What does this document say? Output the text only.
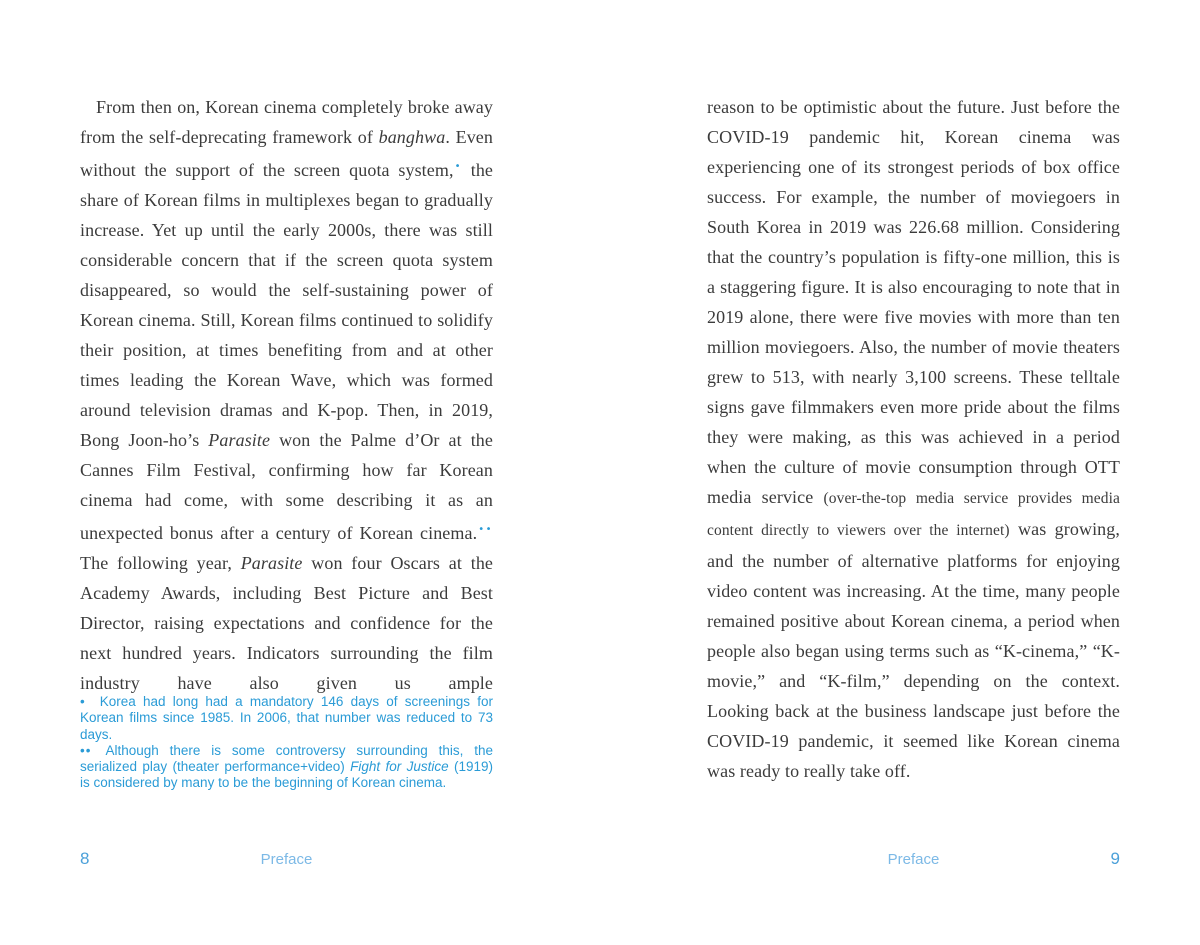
From then on, Korean cinema completely broke away from the self-deprecating framework of banghwa. Even without the support of the screen quota system,• the share of Korean films in multiplexes began to gradually increase. Yet up until the early 2000s, there was still considerable concern that if the screen quota system disappeared, so would the self-sustaining power of Korean cinema. Still, Korean films continued to solidify their position, at times benefiting from and at other times leading the Korean Wave, which was formed around television dramas and K-pop. Then, in 2019, Bong Joon-ho’s Parasite won the Palme d’Or at the Cannes Film Festival, confirming how far Korean cinema had come, with some describing it as an unexpected bonus after a century of Korean cinema.•• The following year, Parasite won four Oscars at the Academy Awards, including Best Picture and Best Director, raising expectations and confidence for the next hundred years. Indicators surrounding the film industry have also given us ample

• Korea had long had a mandatory 146 days of screenings for Korean films since 1985. In 2006, that number was reduced to 73 days.

•• Although there is some controversy surrounding this, the serialized play (theater performance+video) Fight for Justice (1919) is considered by many to be the beginning of Korean cinema.

8	Preface

reason to be optimistic about the future. Just before the COVID-19 pandemic hit, Korean cinema was experiencing one of its strongest periods of box office success. For example, the number of moviegoers in South Korea in 2019 was 226.68 million. Considering that the country’s population is fifty-one million, this is a staggering figure. It is also encouraging to note that in 2019 alone, there were five movies with more than ten million moviegoers. Also, the number of movie theaters grew to 513, with nearly 3,100 screens. These telltale signs gave filmmakers even more pride about the films they were making, as this was achieved in a period when the culture of movie consumption through OTT media service (over-the-top media service provides media content directly to viewers over the internet) was growing, and the number of alternative platforms for enjoying video content was increasing. At the time, many people remained positive about Korean cinema, a period when people also began using terms such as “K-cinema,” “K-movie,” and “K-film,” depending on the context. Looking back at the business landscape just before the COVID-19 pandemic, it seemed like Korean cinema was ready to really take off.

Preface	9
